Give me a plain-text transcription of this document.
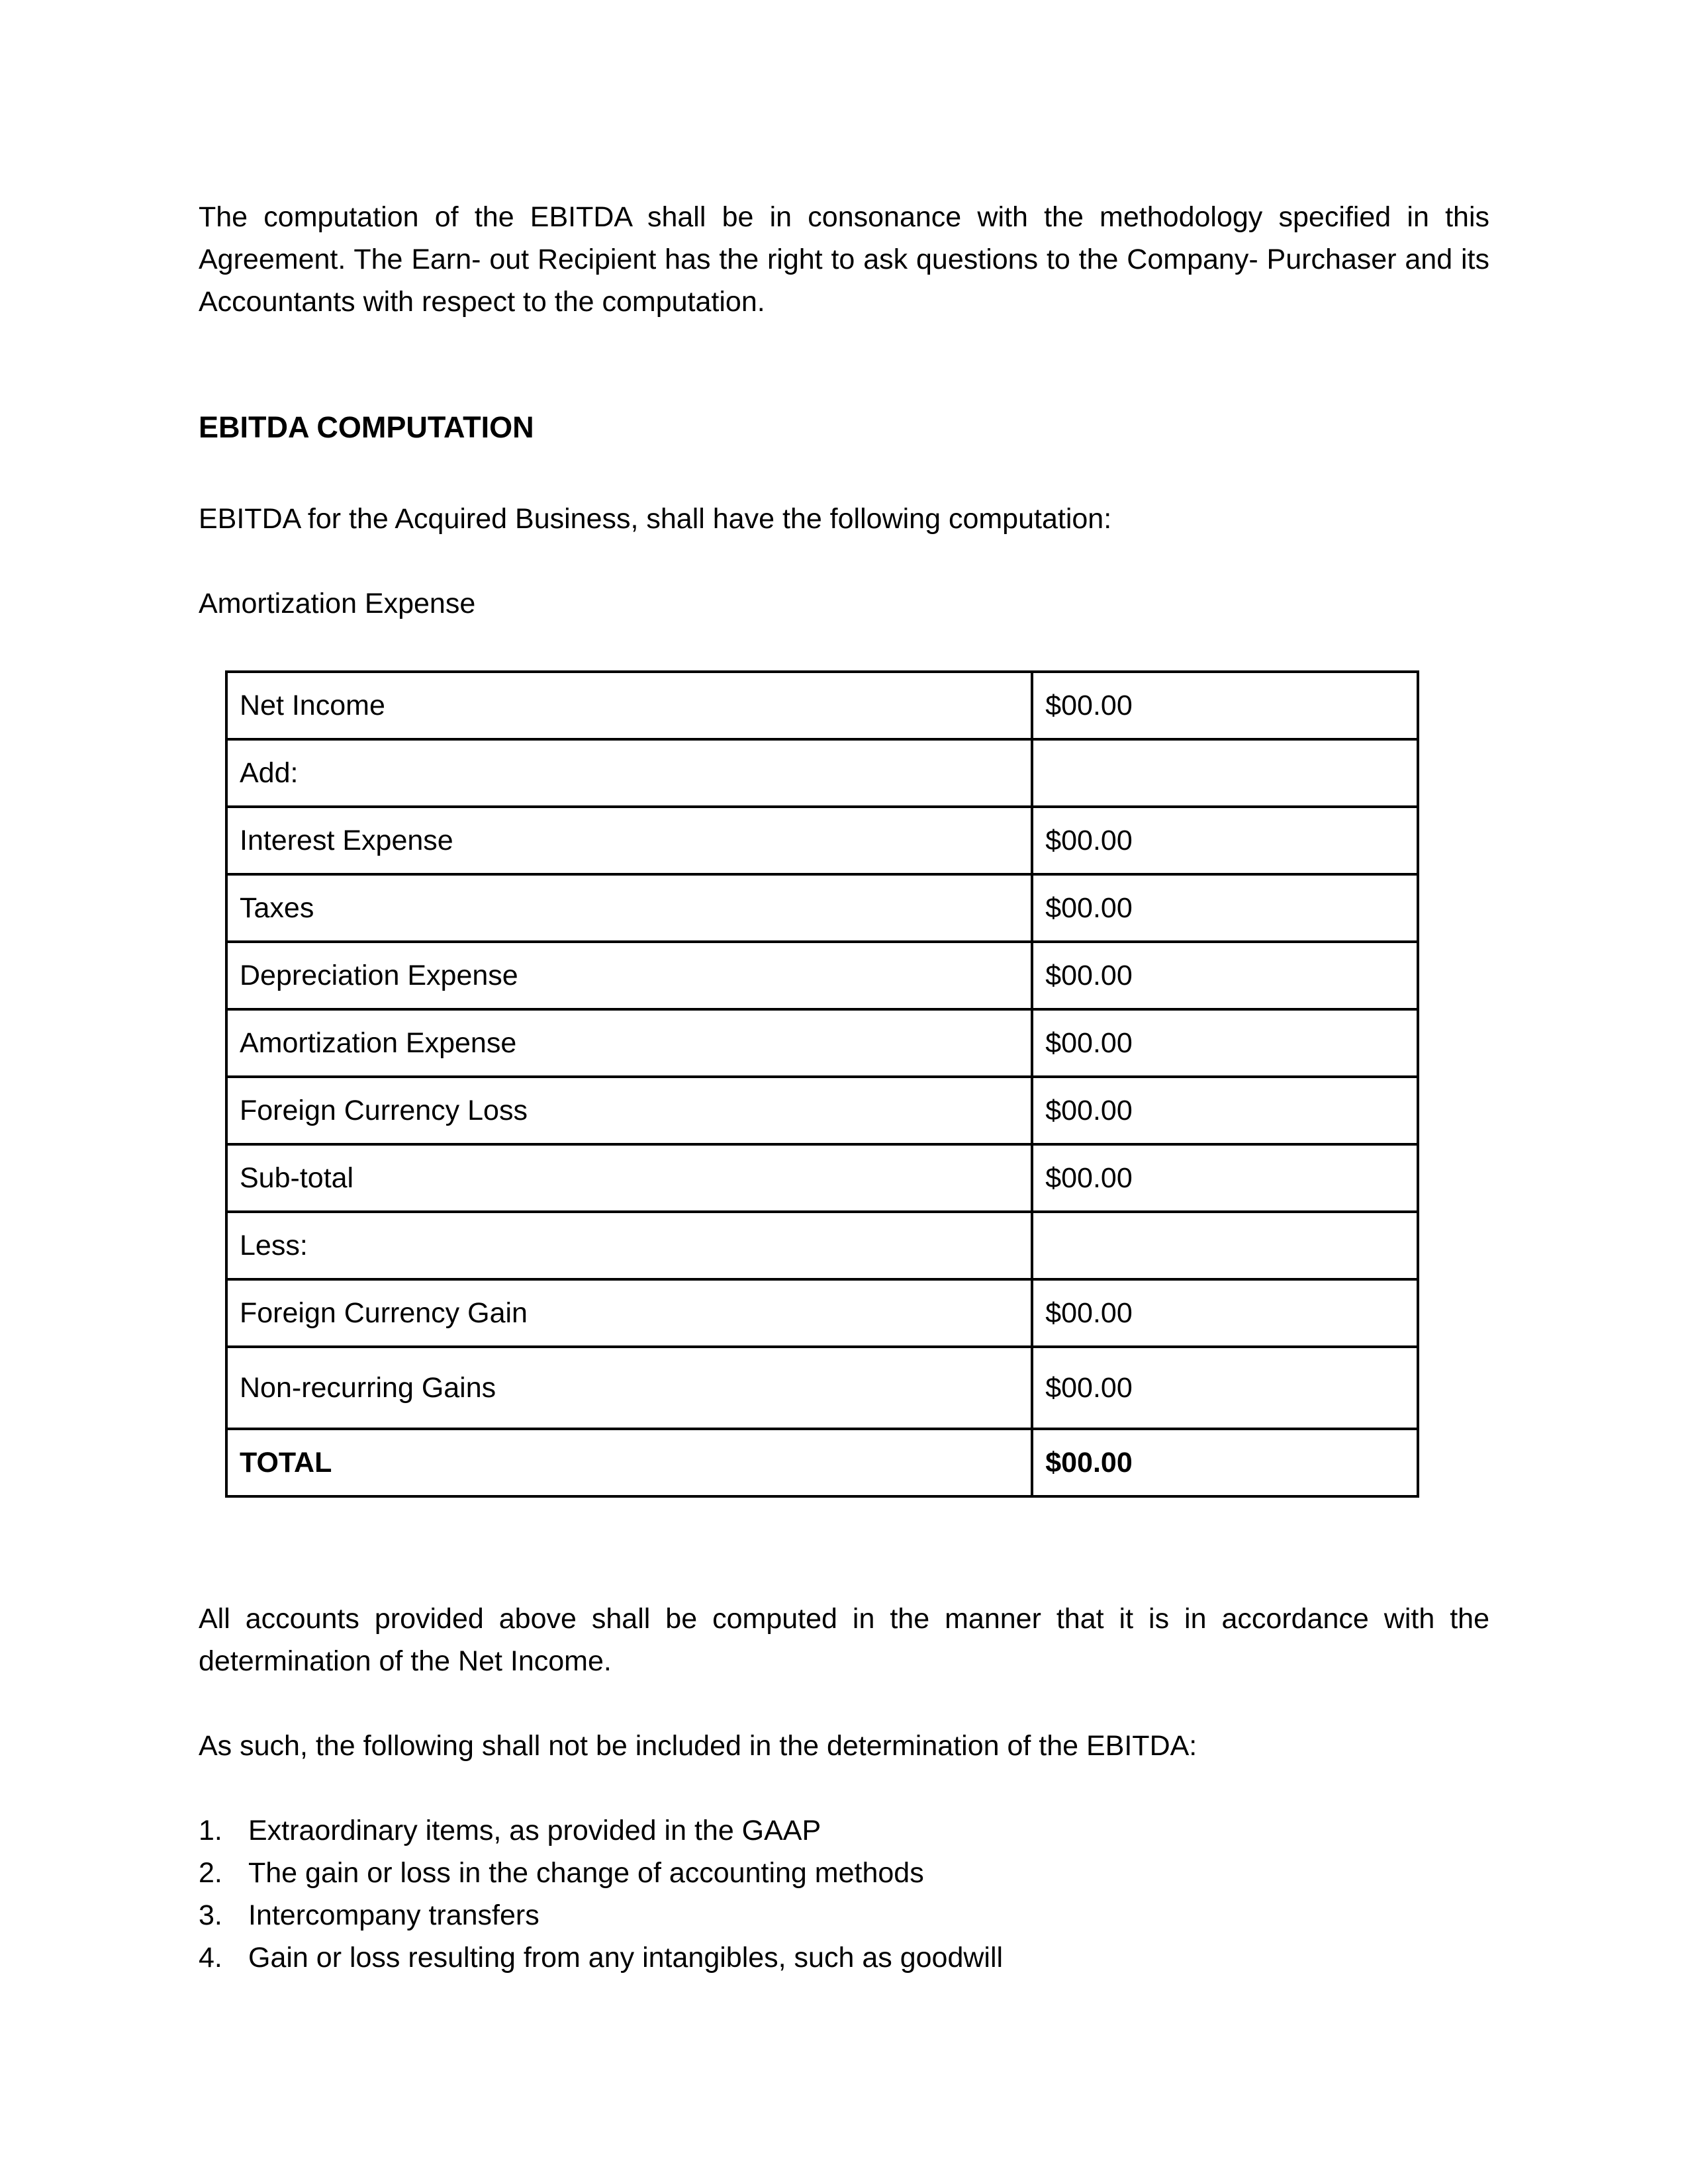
The computation of the EBITDA shall be in consonance with the methodology specified in this Agreement. The Earn- out Recipient has the right to ask questions to the Company- Purchaser and its Accountants with respect to the computation.

EBITDA COMPUTATION

EBITDA for the Acquired Business, shall have the following computation:

Amortization Expense

Net Income	$00.00
Add:	
Interest Expense	$00.00
Taxes	$00.00
Depreciation Expense	$00.00
Amortization Expense	$00.00
Foreign Currency Loss	$00.00
Sub-total	$00.00
Less:	
Foreign Currency Gain	$00.00
Non-recurring Gains	$00.00
TOTAL	$00.00

All accounts provided above shall be computed in the manner that it is in accordance with the determination of the Net Income.

As such, the following shall not be included in the determination of the EBITDA:

1. Extraordinary items, as provided in the GAAP
2. The gain or loss in the change of accounting methods
3. Intercompany transfers
4. Gain or loss resulting from any intangibles, such as goodwill
